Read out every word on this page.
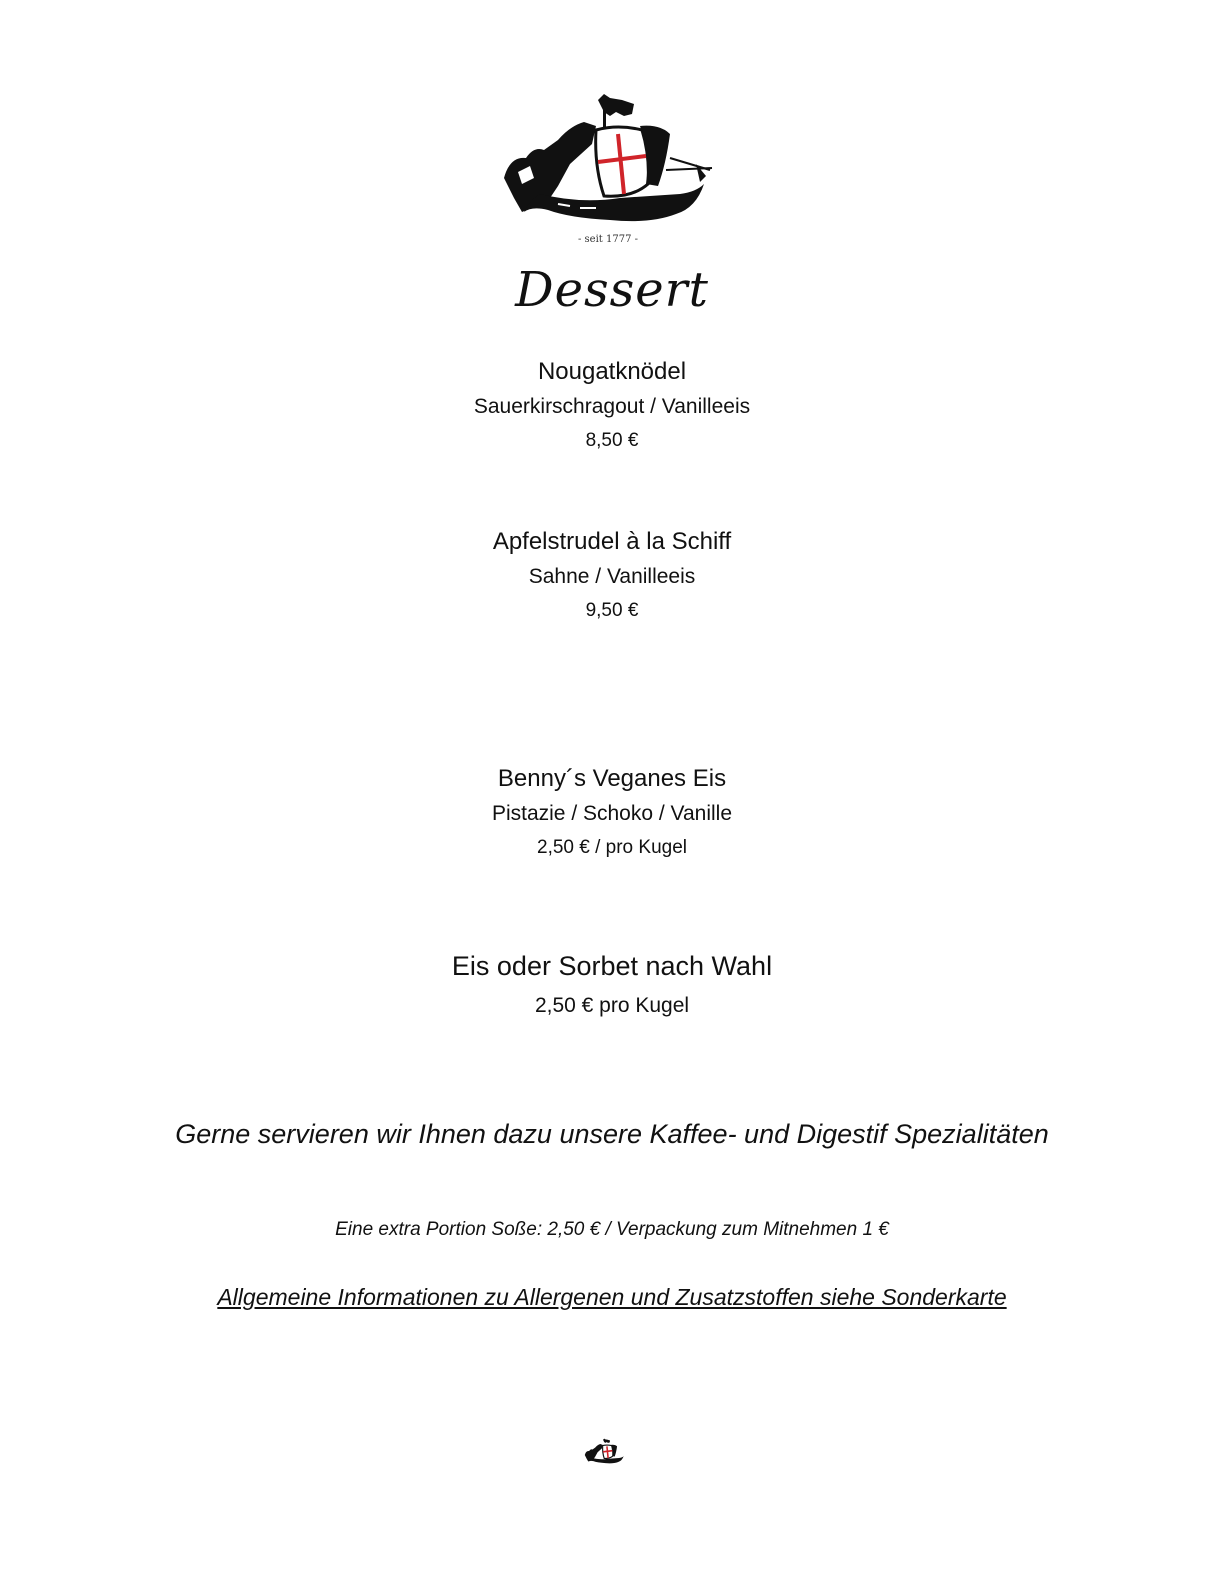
- seit 1777 -
Dessert
Nougatknödel
Sauerkirschragout / Vanilleeis
8,50 €
Apfelstrudel à la Schiff
Sahne / Vanilleeis
9,50 €
Benny´s Veganes Eis
Pistazie / Schoko / Vanille
2,50 € / pro Kugel
Eis oder Sorbet nach Wahl
2,50 € pro Kugel
Gerne servieren wir Ihnen dazu unsere Kaffee- und Digestif Spezialitäten
Eine extra Portion Soße: 2,50 € / Verpackung zum Mitnehmen 1 €
Allgemeine Informationen zu Allergenen und Zusatzstoffen siehe Sonderkarte
